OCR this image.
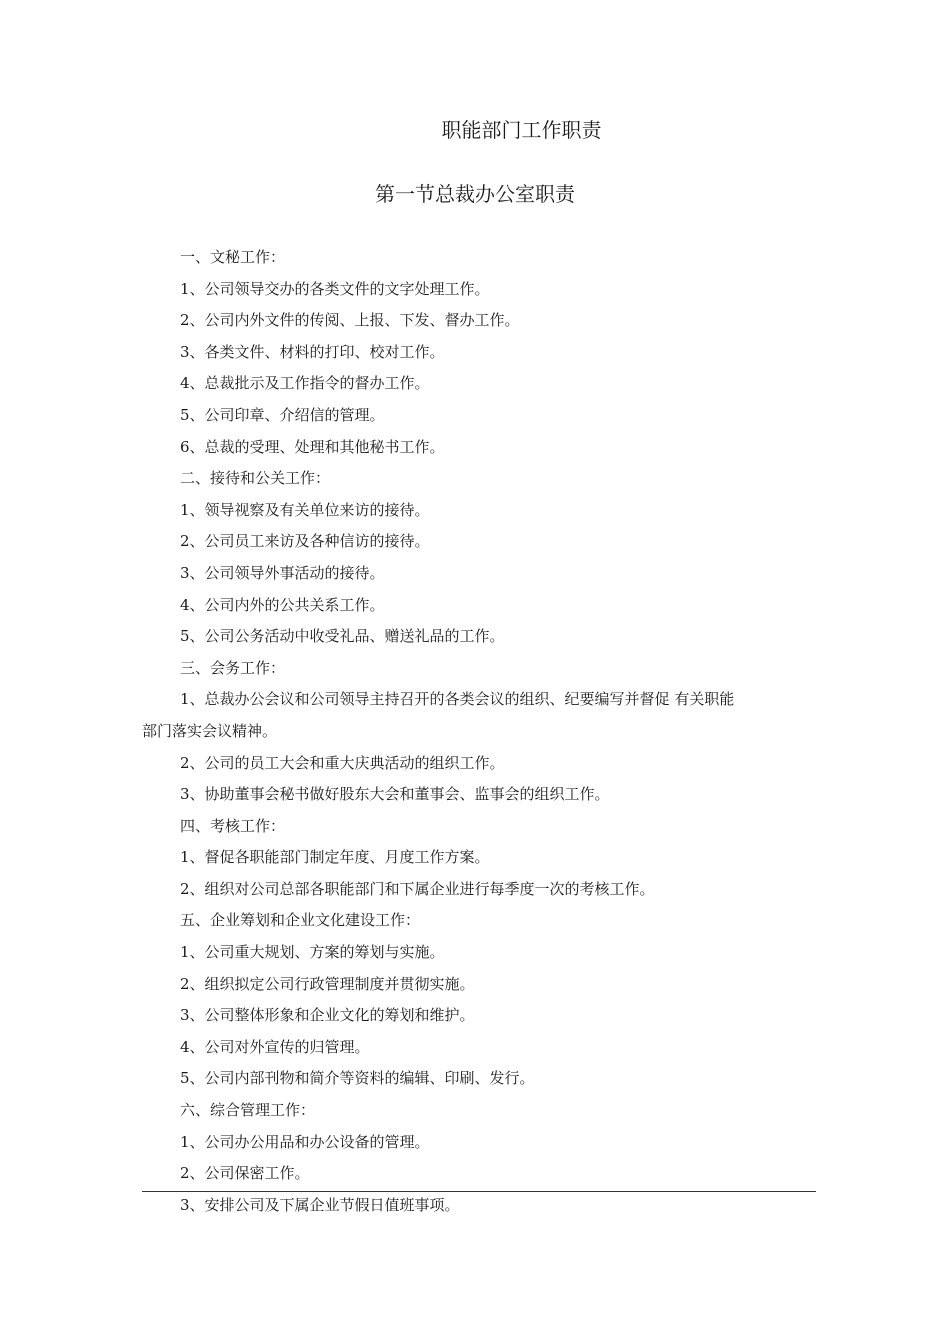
职能部门工作职责
第一节总裁办公室职责
一、文秘工作：
1、公司领导交办的各类文件的文字处理工作。
2、公司内外文件的传阅、上报、下发、督办工作。
3、各类文件、材料的打印、校对工作。
4、总裁批示及工作指令的督办工作。
5、公司印章、介绍信的管理。
6、总裁的受理、处理和其他秘书工作。
二、接待和公关工作：
1、领导视察及有关单位来访的接待。
2、公司员工来访及各种信访的接待。
3、公司领导外事活动的接待。
4、公司内外的公共关系工作。
5、公司公务活动中收受礼品、赠送礼品的工作。
三、会务工作：
1、总裁办公会议和公司领导主持召开的各类会议的组织、纪要编写并督促 有关职能
部门落实会议精神。
2、公司的员工大会和重大庆典活动的组织工作。
3、协助董事会秘书做好股东大会和董事会、监事会的组织工作。
四、考核工作：
1、督促各职能部门制定年度、月度工作方案。
2、组织对公司总部各职能部门和下属企业进行每季度一次的考核工作。
五、企业筹划和企业文化建设工作：
1、公司重大规划、方案的筹划与实施。
2、组织拟定公司行政管理制度并贯彻实施。
3、公司整体形象和企业文化的筹划和维护。
4、公司对外宣传的归管理。
5、公司内部刊物和简介等资料的编辑、印刷、发行。
六、综合管理工作：
1、公司办公用品和办公设备的管理。
2、公司保密工作。
3、安排公司及下属企业节假日值班事项。
